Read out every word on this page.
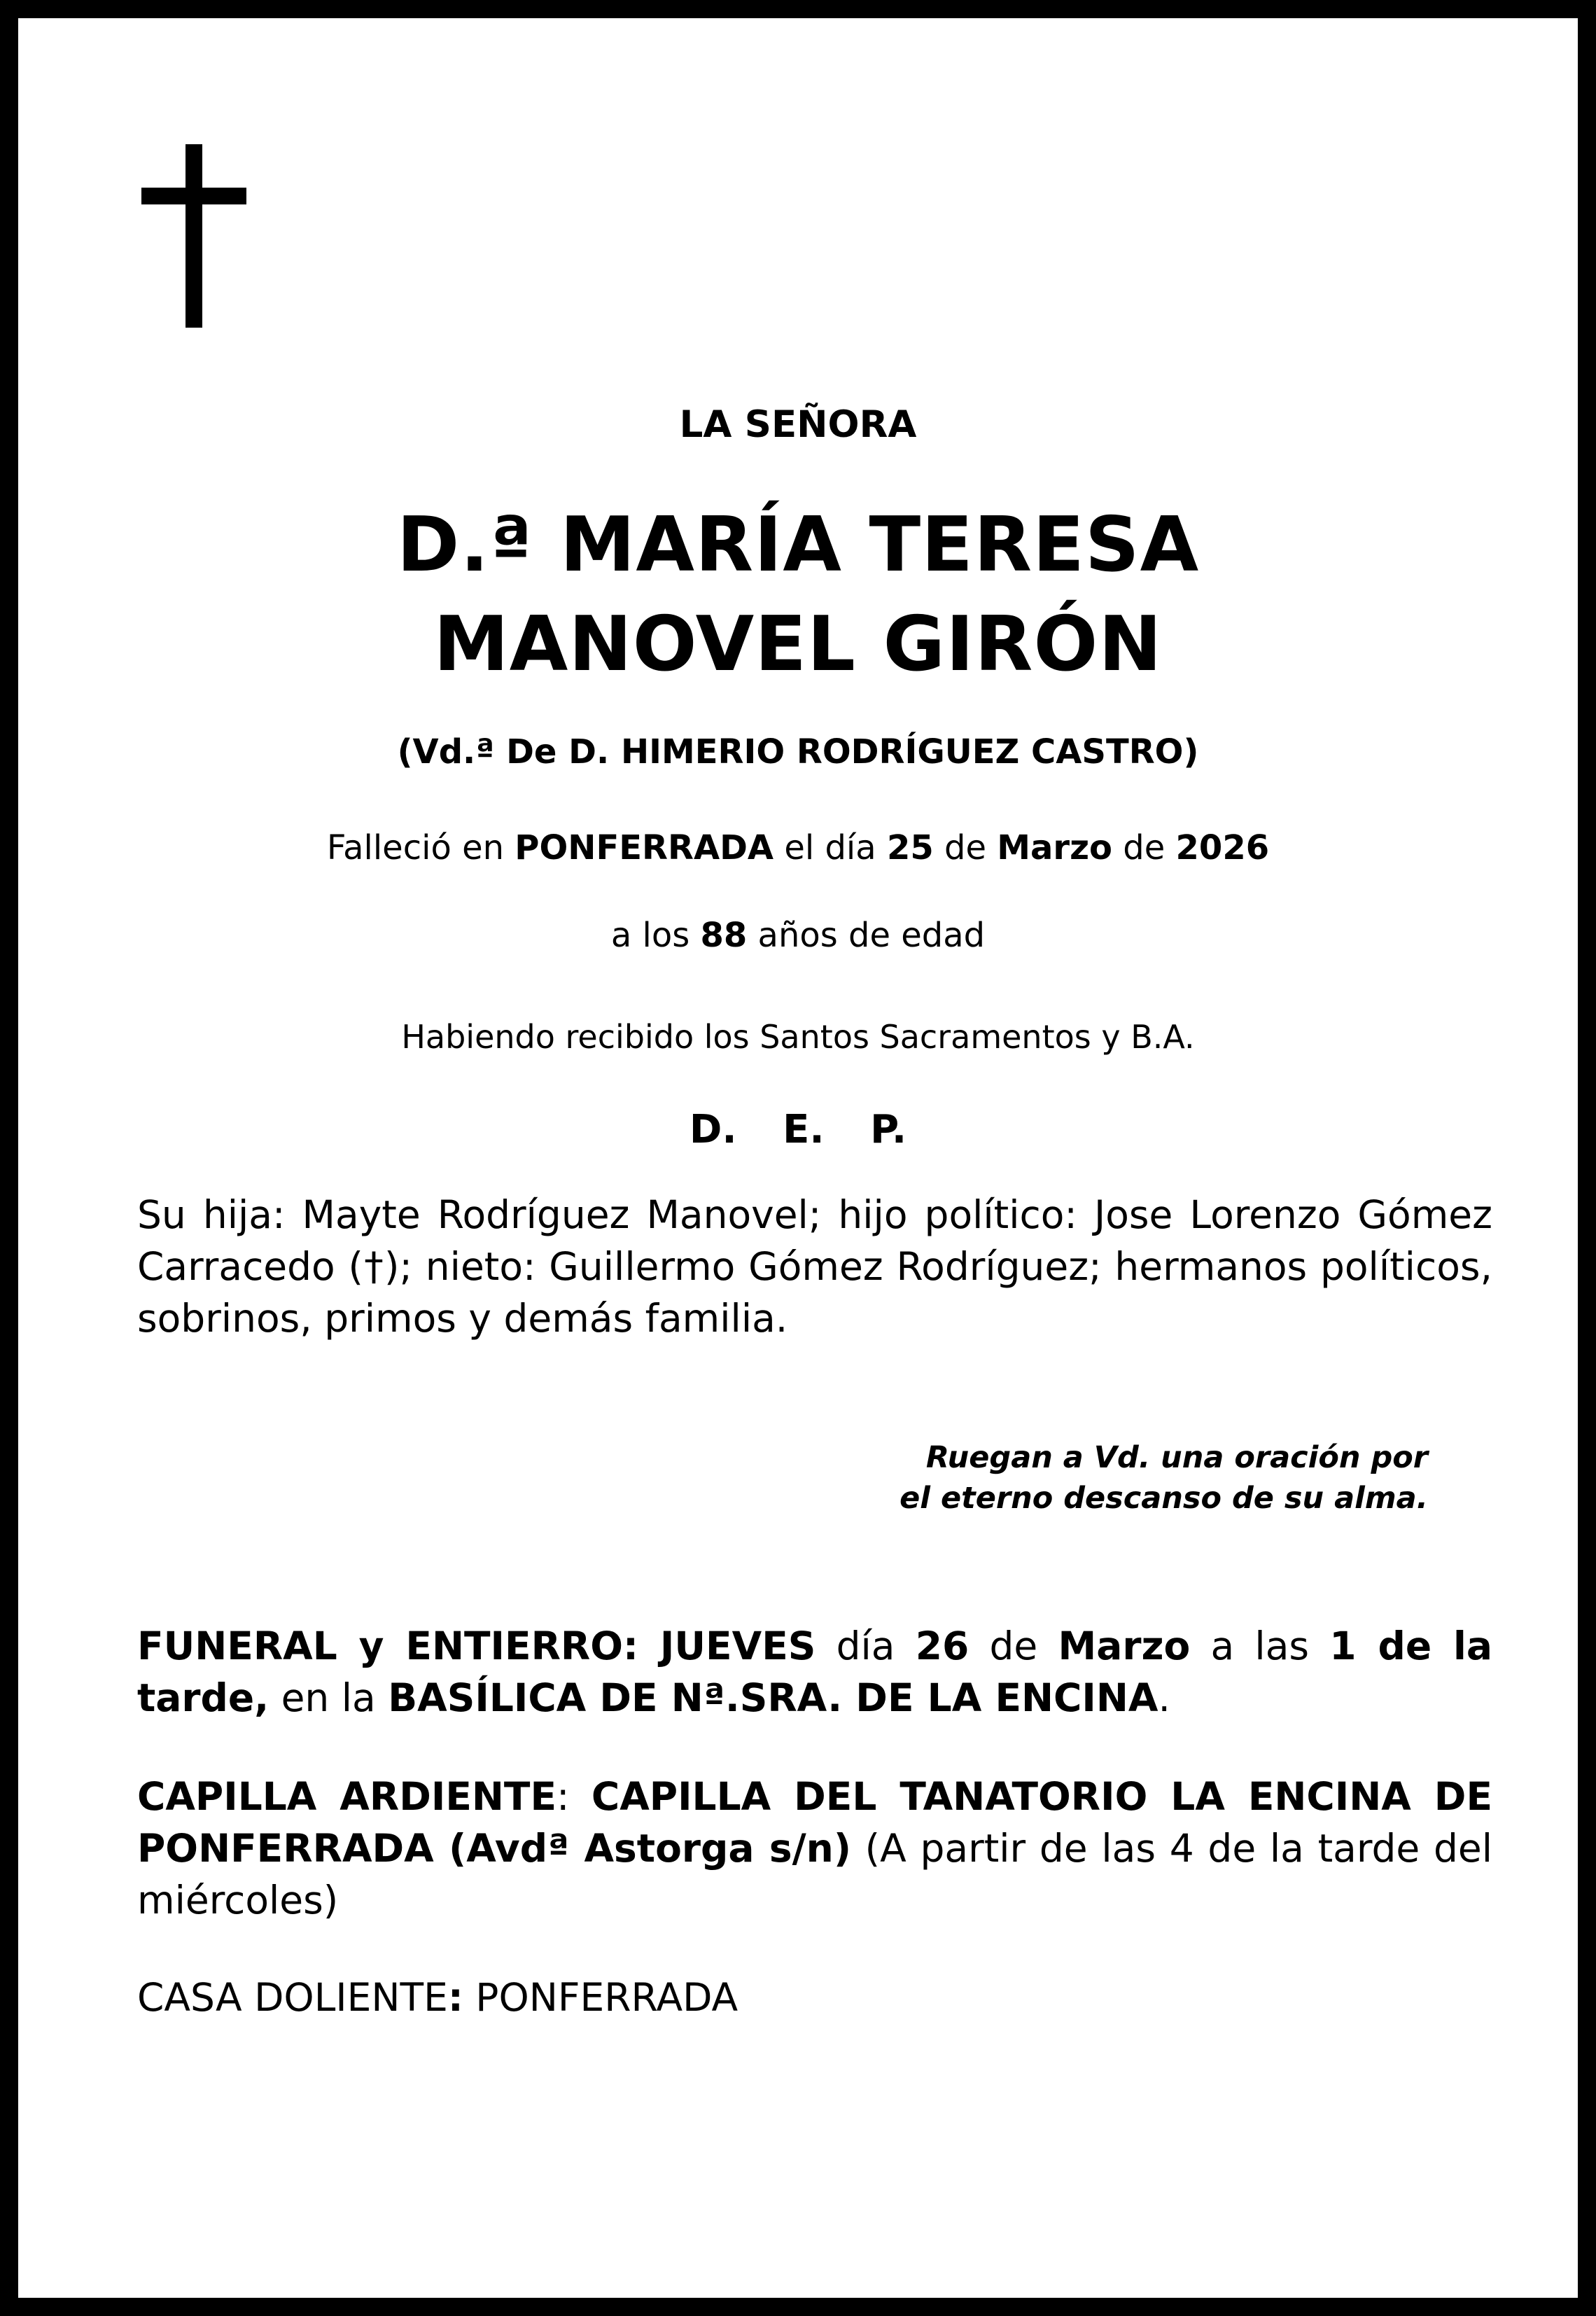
LA SEÑORA
D.ª MARÍA TERESA
MANOVEL GIRÓN
(Vd.ª De D. HIMERIO RODRÍGUEZ CASTRO)
Falleció en PONFERRADA el día 25 de Marzo de 2026
a los 88 años de edad
Habiendo recibido los Santos Sacramentos y B.A.
D. E. P.
Su hija: Mayte Rodríguez Manovel; hijo político: Jose Lorenzo Gómez Carracedo (†); nieto: Guillermo Gómez Rodríguez; hermanos políticos, sobrinos, primos y demás familia.
Ruegan a Vd. una oración por
el eterno descanso de su alma.
FUNERAL y ENTIERRO: JUEVES día 26 de Marzo a las 1 de la tarde, en la BASÍLICA DE Nª.SRA. DE LA ENCINA.
CAPILLA ARDIENTE: CAPILLA DEL TANATORIO LA ENCINA DE PONFERRADA (Avdª Astorga s/n) (A partir de las 4 de la tarde del miércoles)
CASA DOLIENTE: PONFERRADA
